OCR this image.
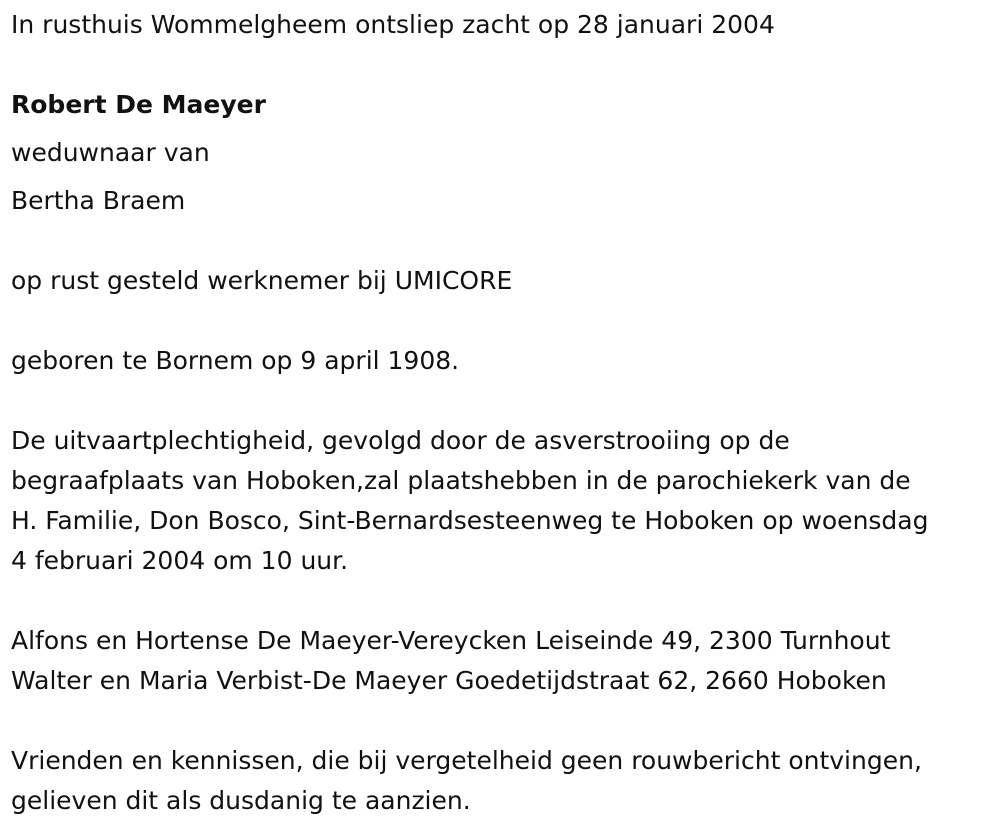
In rusthuis Wommelgheem ontsliep zacht op 28 januari 2004
Robert De Maeyer
weduwnaar van
Bertha Braem
op rust gesteld werknemer bij UMICORE
geboren te Bornem op 9 april 1908.
De uitvaartplechtigheid, gevolgd door de asverstrooiing op de
begraafplaats van Hoboken,zal plaatshebben in de parochiekerk van de
H. Familie, Don Bosco, Sint-Bernardsesteenweg te Hoboken op woensdag
4 februari 2004 om 10 uur.
Alfons en Hortense De Maeyer-Vereycken Leiseinde 49, 2300 Turnhout
Walter en Maria Verbist-De Maeyer Goedetijdstraat 62, 2660 Hoboken
Vrienden en kennissen, die bij vergetelheid geen rouwbericht ontvingen,
gelieven dit als dusdanig te aanzien.
